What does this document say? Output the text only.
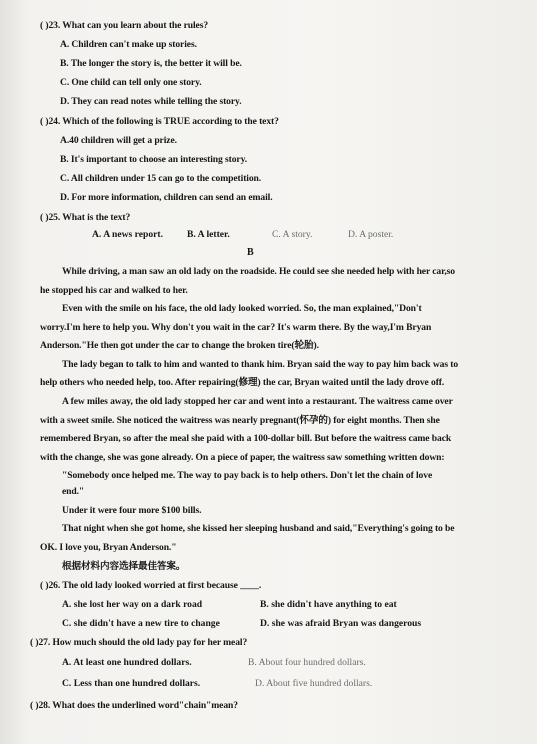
( )23. What can you learn about the rules?
A. Children can't make up stories.
B. The longer the story is, the better it will be.
C. One child can tell only one story.
D. They can read notes while telling the story.
( )24. Which of the following is TRUE according to the text?
A.40 children will get a prize.
B. It's important to choose an interesting story.
C. All children under 15 can go to the competition.
D. For more information, children can send an email.
( )25. What is the text?
A. A news report.	B. A letter.	C. A story.	D. A poster.
B
While driving, a man saw an old lady on the roadside. He could see she needed help with her car,so
he stopped his car and walked to her.
Even with the smile on his face, the old lady looked worried. So, the man explained,"Don't
worry.I'm here to help you. Why don't you wait in the car? It's warm there. By the way,I'm Bryan
Anderson."He then got under the car to change the broken tire(轮胎).
The lady began to talk to him and wanted to thank him. Bryan said the way to pay him back was to
help others who needed help, too. After repairing(修理) the car, Bryan waited until the lady drove off.
A few miles away, the old lady stopped her car and went into a restaurant. The waitress came over
with a sweet smile. She noticed the waitress was nearly pregnant(怀孕的) for eight months. Then she
remembered Bryan, so after the meal she paid with a 100-dollar bill. But before the waitress came back
with the change, she was gone already. On a piece of paper, the waitress saw something written down:
"Somebody once helped me. The way to pay back is to help others. Don't let the chain of love
end."
Under it were four more $100 bills.
That night when she got home, she kissed her sleeping husband and said,"Everything's going to be
OK. I love you, Bryan Anderson."
根据材料内容选择最佳答案。
( )26. The old lady looked worried at first because ____.
A. she lost her way on a dark road	B. she didn't have anything to eat
C. she didn't have a new tire to change	D. she was afraid Bryan was dangerous
( )27. How much should the old lady pay for her meal?
A. At least one hundred dollars.	B. About four hundred dollars.
C. Less than one hundred dollars.	D. About five hundred dollars.
( )28. What does the underlined word"chain"mean?
